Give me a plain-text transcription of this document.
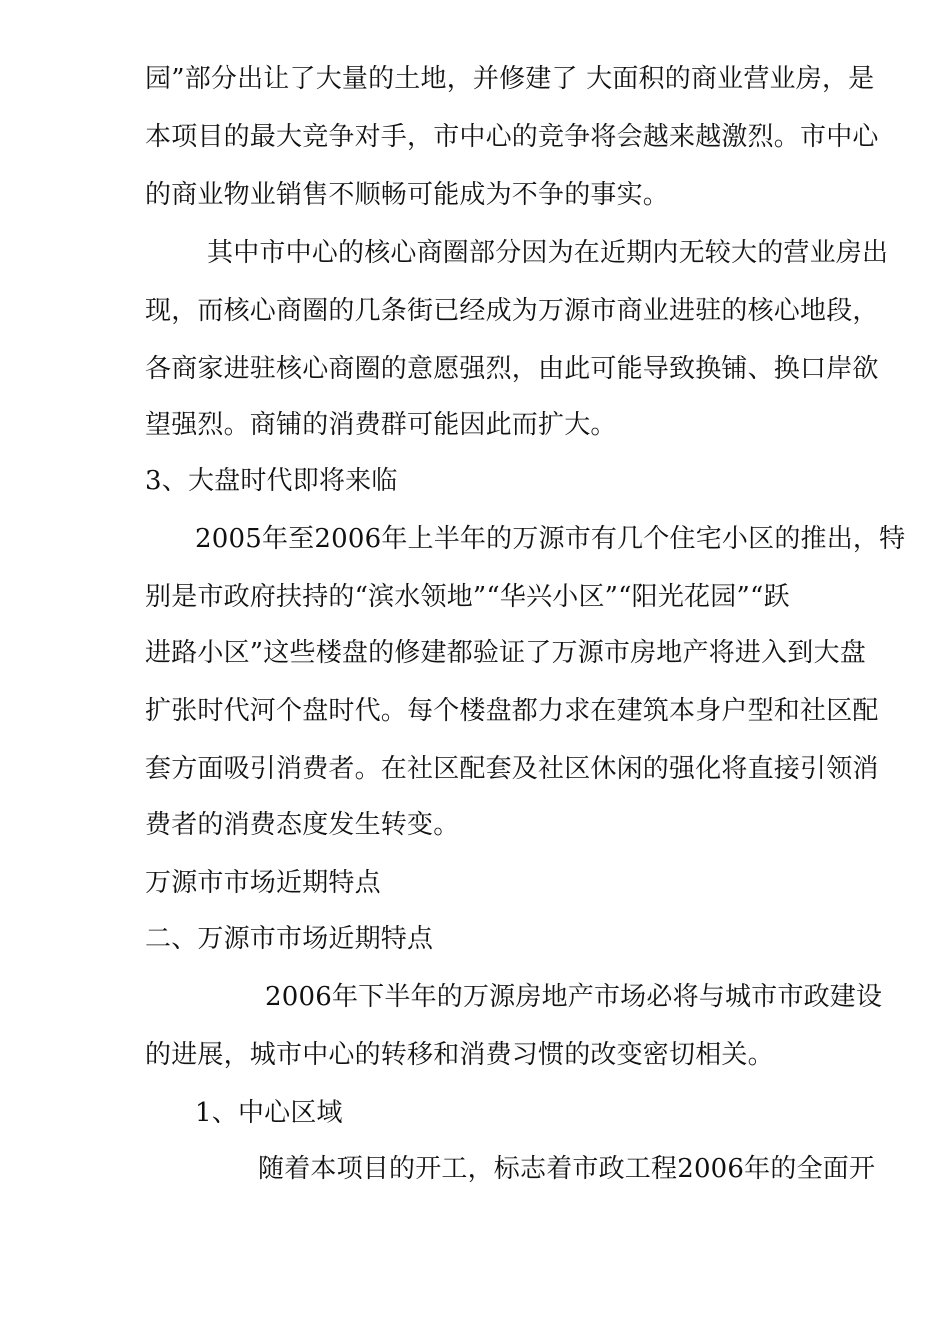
园”部分出让了大量的土地，并修建了 大面积的商业营业房，是
本项目的最大竞争对手，市中心的竞争将会越来越激烈。市中心
的商业物业销售不顺畅可能成为不争的事实。
其中市中心的核心商圈部分因为在近期内无较大的营业房出
现，而核心商圈的几条街已经成为万源市商业进驻的核心地段，
各商家进驻核心商圈的意愿强烈，由此可能导致换铺、换口岸欲
望强烈。商铺的消费群可能因此而扩大。
3、大盘时代即将来临
2005年至2006年上半年的万源市有几个住宅小区的推出，特
别是市政府扶持的“滨水领地”“华兴小区”“阳光花园”“跃
进路小区”这些楼盘的修建都验证了万源市房地产将进入到大盘
扩张时代河个盘时代。每个楼盘都力求在建筑本身户型和社区配
套方面吸引消费者。在社区配套及社区休闲的强化将直接引领消
费者的消费态度发生转变。
万源市市场近期特点
二、万源市市场近期特点
2006年下半年的万源房地产市场必将与城市市政建设
的进展，城市中心的转移和消费习惯的改变密切相关。
1、中心区域
随着本项目的开工，标志着市政工程2006年的全面开
